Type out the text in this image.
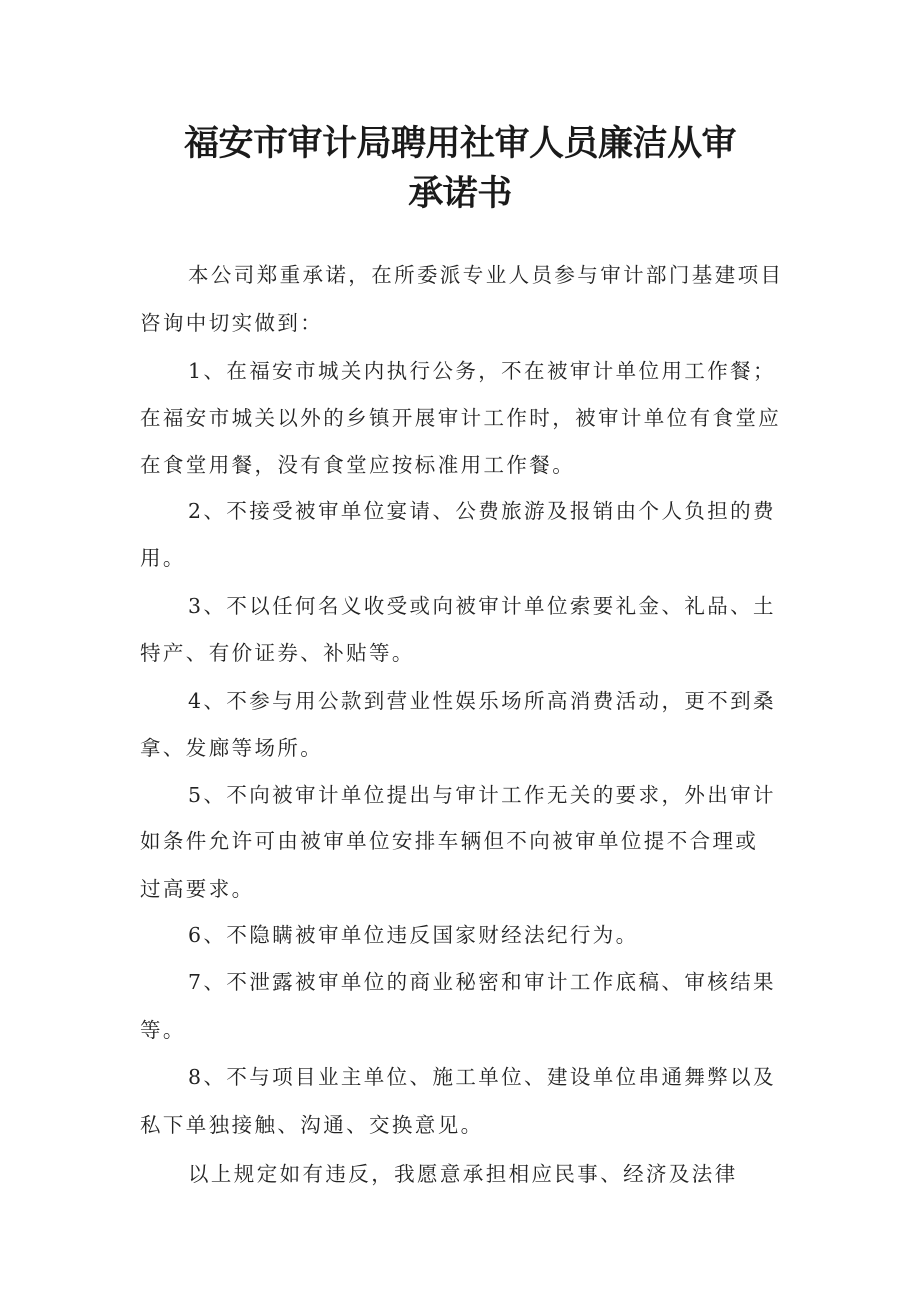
福安市审计局聘用社审人员廉洁从审
承诺书

本公司郑重承诺，在所委派专业人员参与审计部门基建项目

咨询中切实做到：

1、在福安市城关内执行公务，不在被审计单位用工作餐；

在福安市城关以外的乡镇开展审计工作时，被审计单位有食堂应

在食堂用餐，没有食堂应按标准用工作餐。

2、不接受被审单位宴请、公费旅游及报销由个人负担的费

用。

3、不以任何名义收受或向被审计单位索要礼金、礼品、土

特产、有价证券、补贴等。

4、不参与用公款到营业性娱乐场所高消费活动，更不到桑

拿、发廊等场所。

5、不向被审计单位提出与审计工作无关的要求，外出审计

如条件允许可由被审单位安排车辆但不向被审单位提不合理或

过高要求。

6、不隐瞒被审单位违反国家财经法纪行为。

7、不泄露被审单位的商业秘密和审计工作底稿、审核结果

等。

8、不与项目业主单位、施工单位、建设单位串通舞弊以及

私下单独接触、沟通、交换意见。

以上规定如有违反，我愿意承担相应民事、经济及法律
